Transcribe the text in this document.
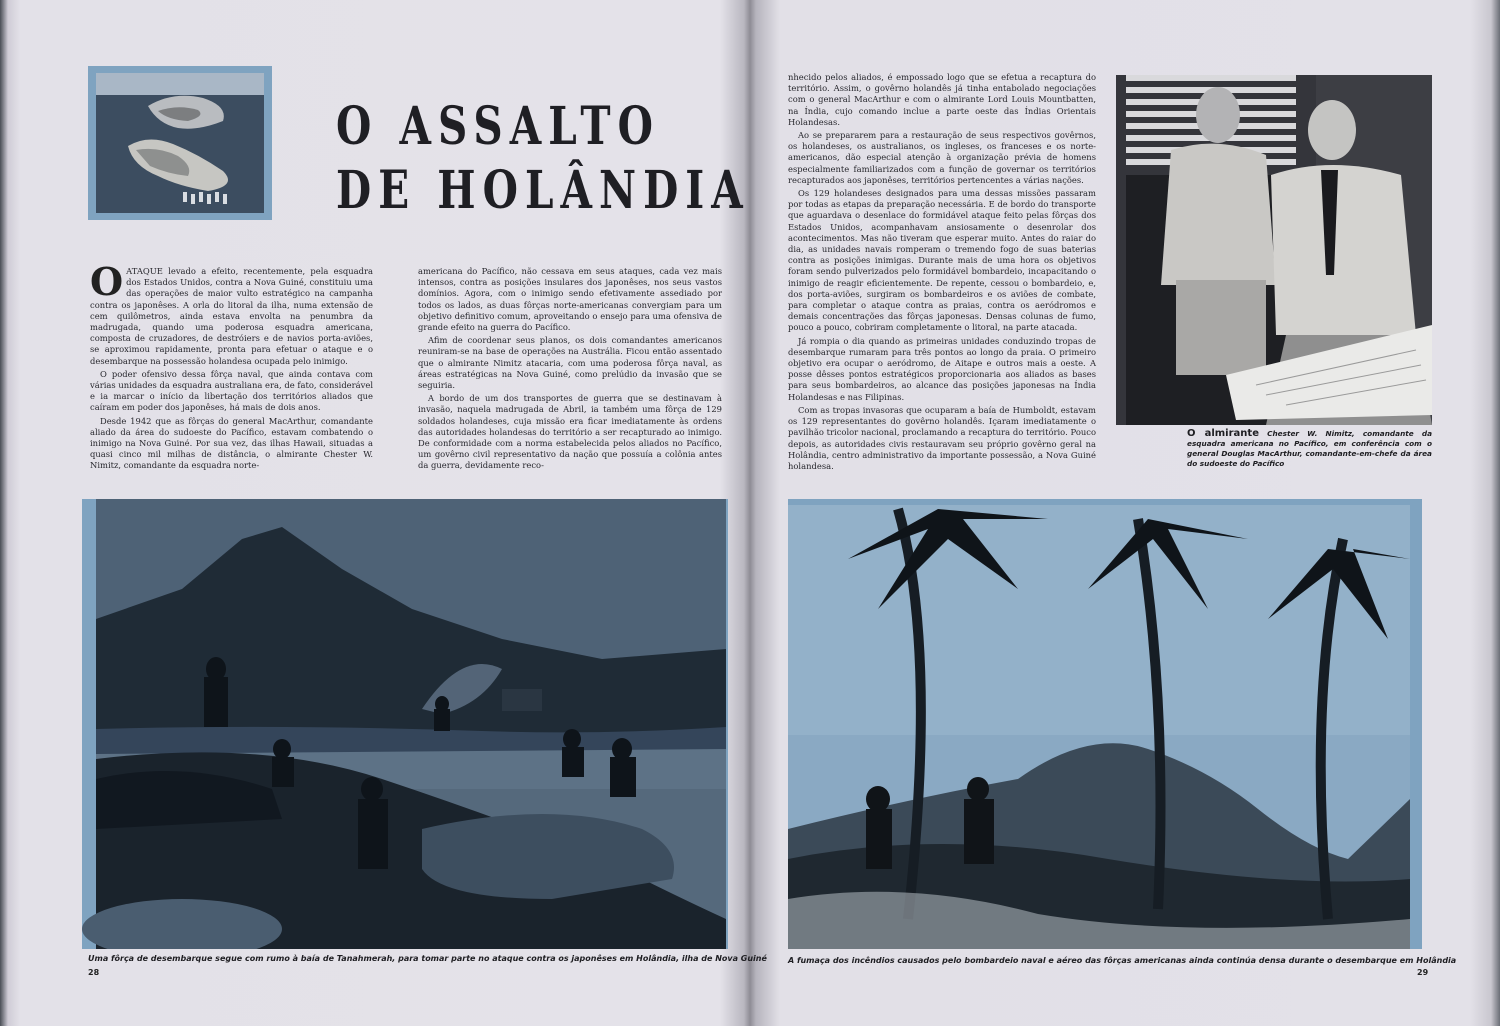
O ASSALTO
DE HOLÂNDIA

OATAQUE levado a efeito, recentemente, pela esquadra dos Estados Unidos, contra a Nova Guiné, constituiu uma das operações de maior vulto estratégico na campanha contra os japonêses. A orla do litoral da ilha, numa extensão de cem quilômetros, ainda estava envolta na penumbra da madrugada, quando uma poderosa esquadra americana, composta de cruzadores, de destróiers e de navios porta-aviões, se aproximou rapidamente, pronta para efetuar o ataque e o desembarque na possessão holandesa ocupada pelo inimigo.

O poder ofensivo dessa fôrça naval, que ainda contava com várias unidades da esquadra australiana era, de fato, considerável e ia marcar o início da libertação dos territórios aliados que caíram em poder dos japonêses, há mais de dois anos.

Desde 1942 que as fôrças do general MacArthur, comandante aliado da área do sudoeste do Pacífico, estavam combatendo o inimigo na Nova Guiné. Por sua vez, das ilhas Hawaii, situadas a quasi cinco mil milhas de distância, o almirante Chester W. Nimitz, comandante da esquadra norte-

americana do Pacífico, não cessava em seus ataques, cada vez mais intensos, contra as posições insulares dos japonêses, nos seus vastos domínios. Agora, com o inimigo sendo efetivamente assediado por todos os lados, as duas fôrças norte-americanas convergiam para um objetivo definitivo comum, aproveitando o ensejo para uma ofensiva de grande efeito na guerra do Pacífico.

Afim de coordenar seus planos, os dois comandantes americanos reuniram-se na base de operações na Austrália. Ficou então assentado que o almirante Nimitz atacaria, com uma poderosa fôrça naval, as áreas estratégicas na Nova Guiné, como prelúdio da invasão que se seguiria.

A bordo de um dos transportes de guerra que se destinavam à invasão, naquela madrugada de Abril, ia também uma fôrça de 129 soldados holandeses, cuja missão era ficar imediatamente às ordens das autoridades holandesas do território a ser recapturado ao inimigo. De conformidade com a norma estabelecida pelos aliados no Pacífico, um govêrno civil representativo da nação que possuía a colônia antes da guerra, devidamente reco-

Uma fôrça de desembarque segue com rumo à baía de Tanahmerah, para tomar parte no ataque contra os japonêses em Holândia, ilha de Nova Guiné
28

nhecido pelos aliados, é empossado logo que se efetua a recaptura do território. Assim, o govêrno holandês já tinha entabolado negociações com o general MacArthur e com o almirante Lord Louis Mountbatten, na Índia, cujo comando inclue a parte oeste das Índias Orientais Holandesas.

Ao se prepararem para a restauração de seus respectivos govêrnos, os holandeses, os australianos, os ingleses, os franceses e os norte-americanos, dão especial atenção à organização prévia de homens especialmente familiarizados com a função de governar os territórios recapturados aos japonêses, territórios pertencentes a várias nações.

Os 129 holandeses designados para uma dessas missões passaram por todas as etapas da preparação necessária. E de bordo do transporte que aguardava o desenlace do formidável ataque feito pelas fôrças dos Estados Unidos, acompanhavam ansiosamente o desenrolar dos acontecimentos. Mas não tiveram que esperar muito. Antes do raiar do dia, as unidades navais romperam o tremendo fogo de suas baterias contra as posições inimigas. Durante mais de uma hora os objetivos foram sendo pulverizados pelo formidável bombardeio, incapacitando o inimigo de reagir eficientemente. De repente, cessou o bombardeio, e, dos porta-aviões, surgiram os bombardeiros e os aviões de combate, para completar o ataque contra as praias, contra os aeródromos e demais concentrações das fôrças japonesas. Densas colunas de fumo, pouco a pouco, cobriram completamente o litoral, na parte atacada.

Já rompia o dia quando as primeiras unidades conduzindo tropas de desembarque rumaram para três pontos ao longo da praia. O primeiro objetivo era ocupar o aeródromo, de Aitape e outros mais a oeste. A posse dêsses pontos estratégicos proporcionaria aos aliados as bases para seus bombardeiros, ao alcance das posições japonesas na Índia Holandesas e nas Filipinas.

Com as tropas invasoras que ocuparam a baía de Humboldt, estavam os 129 representantes do govêrno holandês. Içaram imediatamente o pavilhão tricolor nacional, proclamando a recaptura do território. Pouco depois, as autoridades civis restauravam seu próprio govêrno geral na Holândia, centro administrativo da importante possessão, a Nova Guiné holandesa.

O almirante Chester W. Nimitz, comandante da esquadra americana no Pacífico, em conferência com o general Douglas MacArthur, comandante-em-chefe da área do sudoeste do Pacífico
A fumaça dos incêndios causados pelo bombardeio naval e aéreo das fôrças americanas ainda continúa densa durante o desembarque em Holândia
29
